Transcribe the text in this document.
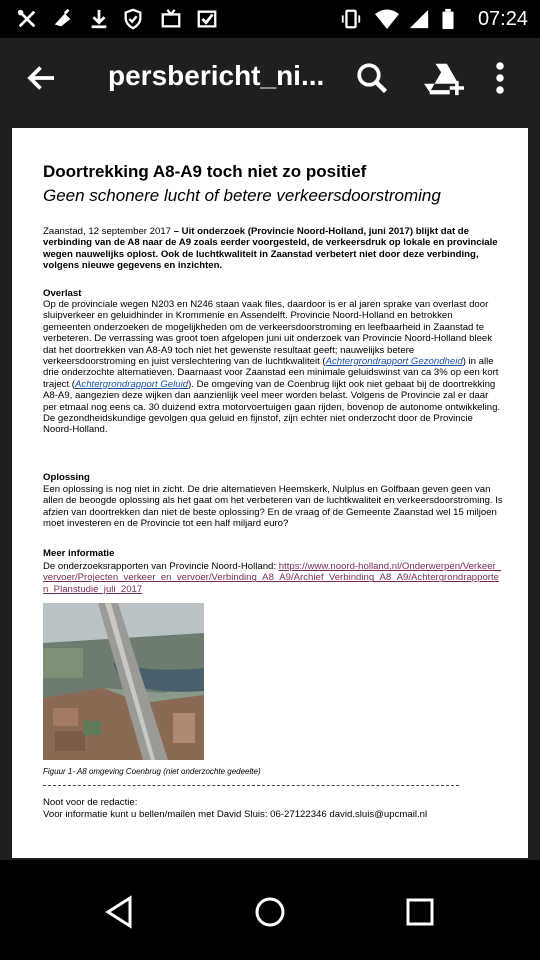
07:24
persbericht_ni...
Doortrekking A8-A9 toch niet zo positief
Geen schonere lucht of betere verkeersdoorstroming

Zaanstad, 12 september 2017 – Uit onderzoek (Provincie Noord-Holland, juni 2017) blijkt dat de verbinding van de A8 naar de A9 zoals eerder voorgesteld, de verkeersdruk op lokale en provinciale wegen nauwelijks oplost. Ook de luchtkwaliteit in Zaanstad verbetert niet door deze verbinding, volgens nieuwe gegevens en inzichten.

Overlast

Op de provinciale wegen N203 en N246 staan vaak files, daardoor is er al jaren sprake van overlast door sluipverkeer en geluidhinder in Krommenie en Assendelft. Provincie Noord-Holland en betrokken gemeenten onderzoeken de mogelijkheden om de verkeersdoorstroming en leefbaarheid in Zaanstad te verbeteren. De verrassing was groot toen afgelopen juni uit onderzoek van Provincie Noord-Holland bleek dat het doortrekken van A8-A9 toch niet het gewenste resultaat geeft; nauwelijks betere verkeersdoorstroming en juist verslechtering van de luchtkwaliteit (Achtergrondrapport Gezondheid) in alle drie onderzochte alternatieven. Daarnaast voor Zaanstad een minimale geluidswinst van ca 3% op een kort traject (Achtergrondrapport Geluid). De omgeving van de Coenbrug lijkt ook niet gebaat bij de doortrekking A8-A9, aangezien deze wijken dan aanzienlijk veel meer worden belast. Volgens de Provincie zal er daar per etmaal nog eens ca. 30 duizend extra motorvoertuigen gaan rijden, bovenop de autonome ontwikkeling. De gezondheidskundige gevolgen qua geluid en fijnstof, zijn echter niet onderzocht door de Provincie Noord-Holland.

Oplossing

Een oplossing is nog niet in zicht. De drie alternatieven Heemskerk, Nulplus en Golfbaan geven geen van allen de beoogde oplossing als het gaat om het verbeteren van de luchtkwaliteit en verkeersdoorstroming. Is afzien van doortrekken dan niet de beste oplossing? En de vraag of de Gemeente Zaanstad wel 15 miljoen moet investeren en de Provincie tot een half miljard euro?

Meer informatie

De onderzoeksrapporten van Provincie Noord-Holland: https://www.noord-holland.nl/Onderwerpen/Verkeer_vervoer/Projecten_verkeer_en_vervoer/Verbinding_A8_A9/Archief_Verbinding_A8_A9/Achtergrondrapporten_Planstudie_juli_2017

Figuur 1- A8 omgeving Coenbrug (niet onderzochte gedeelte)

Noot voor de redactie:

Voor informatie kunt u bellen/mailen met David Sluis: 06-27122346 david.sluis@upcmail.nl
